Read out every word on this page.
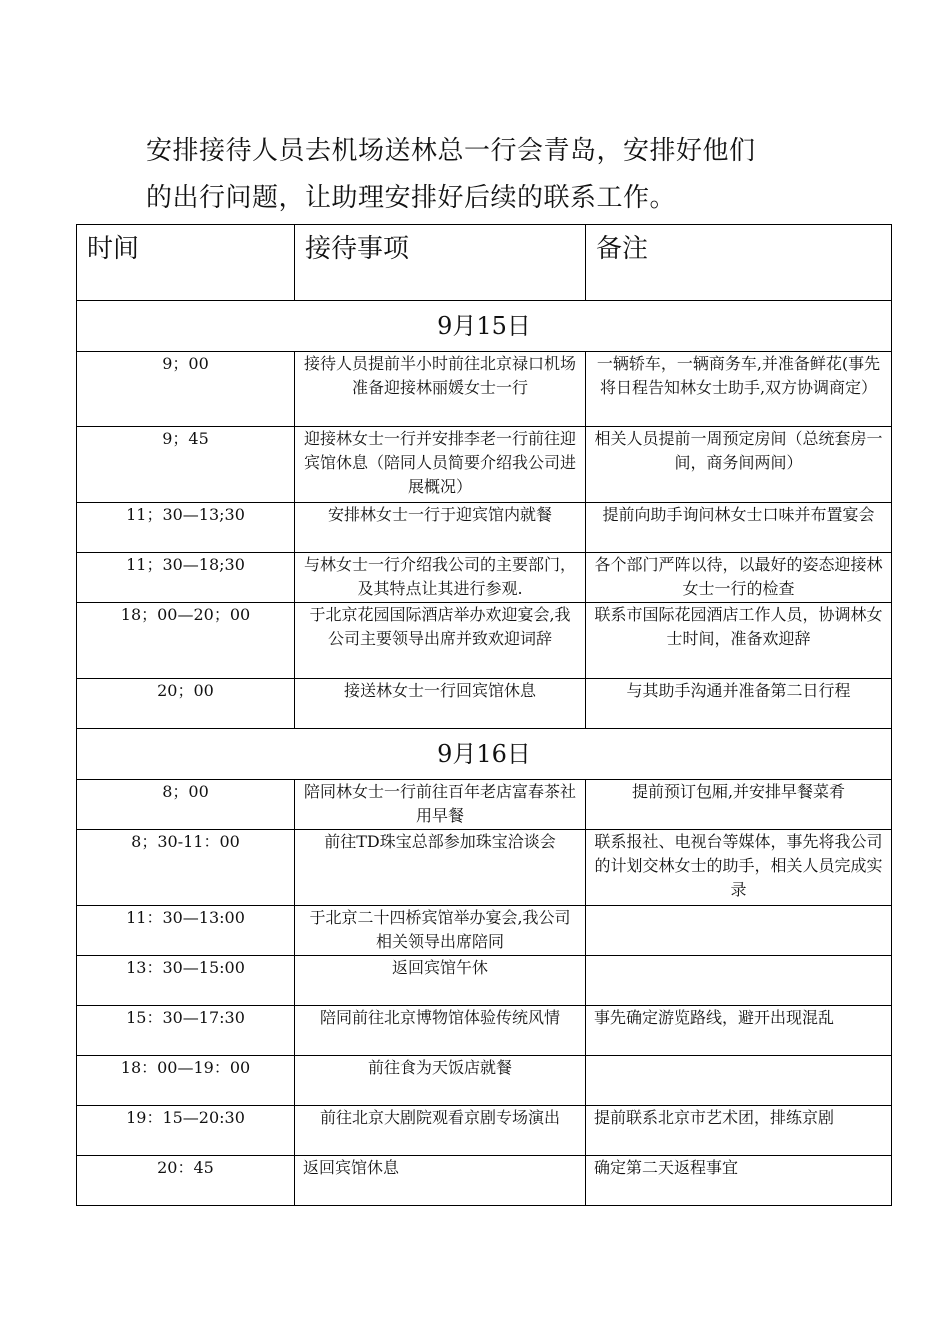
安排接待人员去机场送林总一行会青岛，安排好他们

的出行问题，让助理安排好后续的联系工作。

时间	接待事项	备注
9月15日		
9；00	接待人员提前半小时前往北京禄口机场准备迎接林丽媛女士一行	一辆轿车，一辆商务车,并准备鲜花(事先将日程告知林女士助手,双方协调商定）
9；45	迎接林女士一行并安排李老一行前往迎宾馆休息（陪同人员简要介绍我公司进展概况）	相关人员提前一周预定房间（总统套房一间，商务间两间）
11；30—13;30	安排林女士一行于迎宾馆内就餐	提前向助手询问林女士口味并布置宴会
11；30—18;30	与林女士一行介绍我公司的主要部门，及其特点让其进行参观.	各个部门严阵以待，以最好的姿态迎接林女士一行的检查
18；00—20；00	于北京花园国际酒店举办欢迎宴会,我公司主要领导出席并致欢迎词辞	联系市国际花园酒店工作人员，协调林女士时间，准备欢迎辞
20；00	接送林女士一行回宾馆休息	与其助手沟通并准备第二日行程
9月16日		
8；00	陪同林女士一行前往百年老店富春茶社用早餐	提前预订包厢,并安排早餐菜肴
8；30-11：00	前往TD珠宝总部参加珠宝洽谈会	联系报社、电视台等媒体，事先将我公司的计划交林女士的助手，相关人员完成实录
11：30—13:00	于北京二十四桥宾馆举办宴会,我公司相关领导出席陪同	
13：30—15:00	返回宾馆午休	
15：30—17:30	陪同前往北京博物馆体验传统风情	事先确定游览路线，避开出现混乱
18：00—19：00	前往食为天饭店就餐	
19：15—20:30	前往北京大剧院观看京剧专场演出	提前联系北京市艺术团，排练京剧
20：45	返回宾馆休息	确定第二天返程事宜
